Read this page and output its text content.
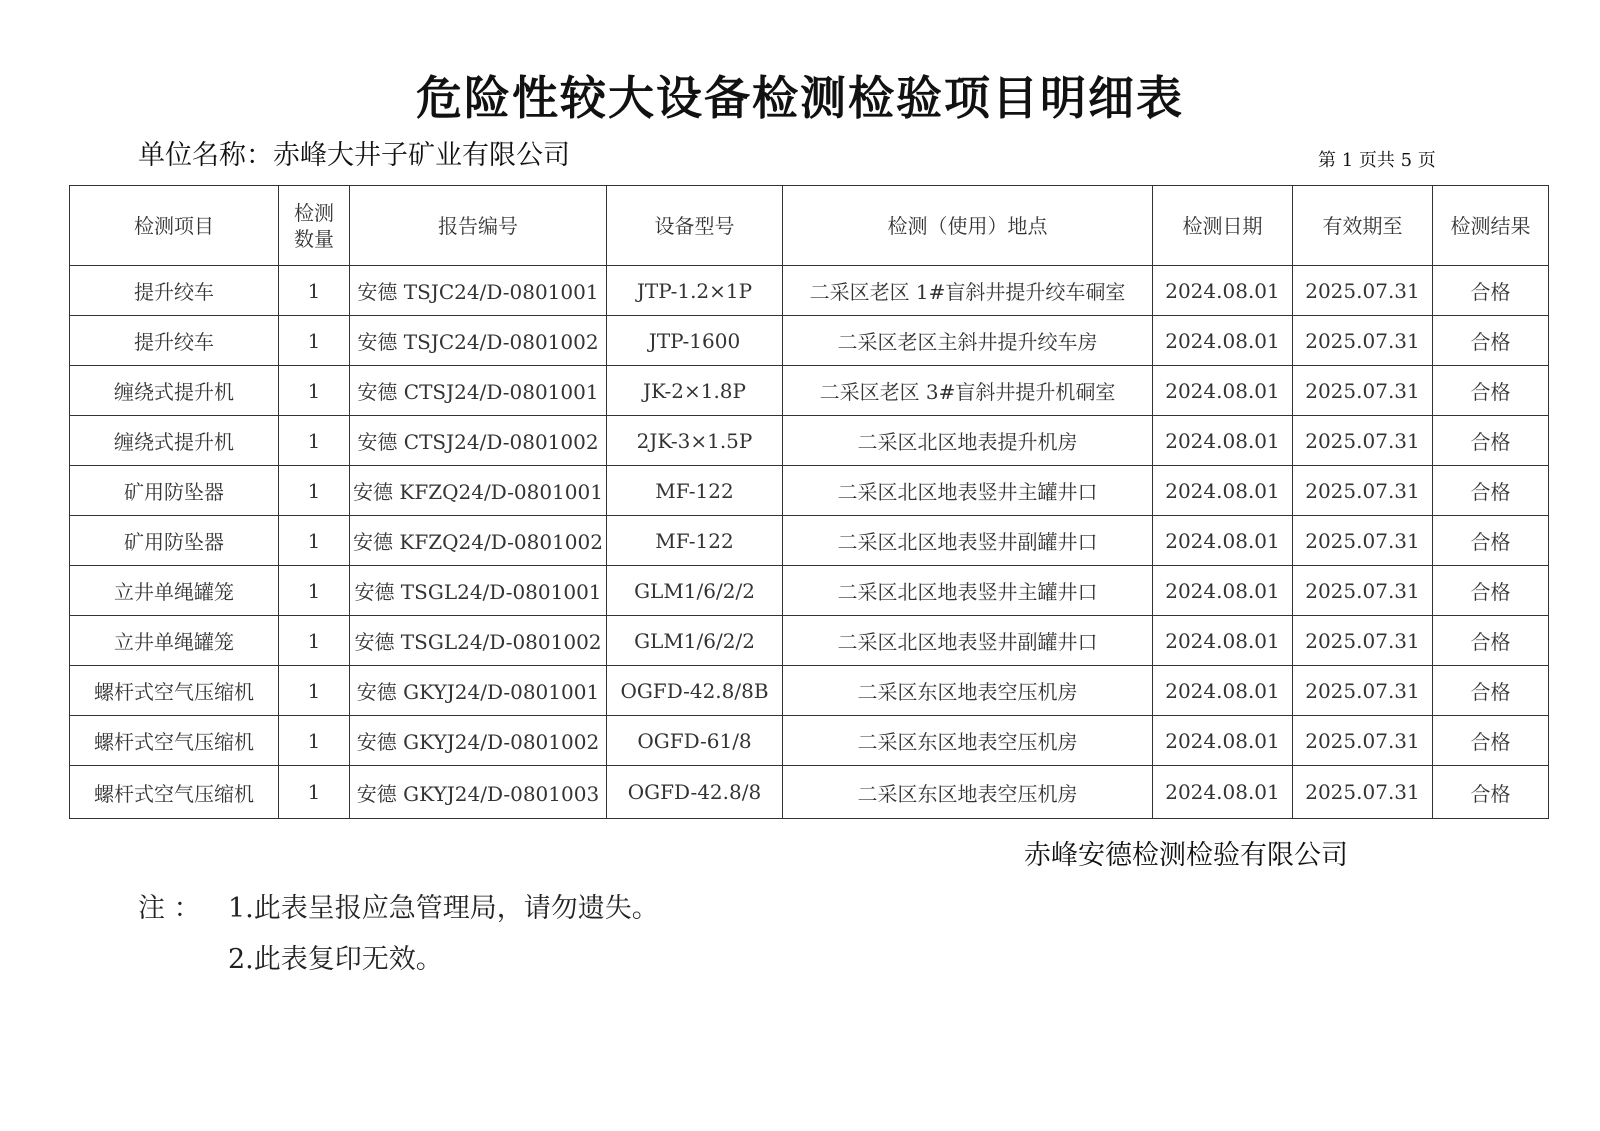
危险性较大设备检测检验项目明细表
单位名称：赤峰大井子矿业有限公司	第 1 页共 5 页
检测项目	检测数量	报告编号	设备型号	检测（使用）地点	检测日期	有效期至	检测结果
提升绞车	1	安德 TSJC24/D-0801001	JTP-1.2×1P	二采区老区 1#盲斜井提升绞车硐室	2024.08.01	2025.07.31	合格
提升绞车	1	安德 TSJC24/D-0801002	JTP-1600	二采区老区主斜井提升绞车房	2024.08.01	2025.07.31	合格
缠绕式提升机	1	安德 CTSJ24/D-0801001	JK-2×1.8P	二采区老区 3#盲斜井提升机硐室	2024.08.01	2025.07.31	合格
缠绕式提升机	1	安德 CTSJ24/D-0801002	2JK-3×1.5P	二采区北区地表提升机房	2024.08.01	2025.07.31	合格
矿用防坠器	1	安德 KFZQ24/D-0801001	MF-122	二采区北区地表竖井主罐井口	2024.08.01	2025.07.31	合格
矿用防坠器	1	安德 KFZQ24/D-0801002	MF-122	二采区北区地表竖井副罐井口	2024.08.01	2025.07.31	合格
立井单绳罐笼	1	安德 TSGL24/D-0801001	GLM1/6/2/2	二采区北区地表竖井主罐井口	2024.08.01	2025.07.31	合格
立井单绳罐笼	1	安德 TSGL24/D-0801002	GLM1/6/2/2	二采区北区地表竖井副罐井口	2024.08.01	2025.07.31	合格
螺杆式空气压缩机	1	安德 GKYJ24/D-0801001	OGFD-42.8/8B	二采区东区地表空压机房	2024.08.01	2025.07.31	合格
螺杆式空气压缩机	1	安德 GKYJ24/D-0801002	OGFD-61/8	二采区东区地表空压机房	2024.08.01	2025.07.31	合格
螺杆式空气压缩机	1	安德 GKYJ24/D-0801003	OGFD-42.8/8	二采区东区地表空压机房	2024.08.01	2025.07.31	合格
赤峰安德检测检验有限公司
注 ： 1.此表呈报应急管理局，请勿遗失。
2.此表复印无效。
